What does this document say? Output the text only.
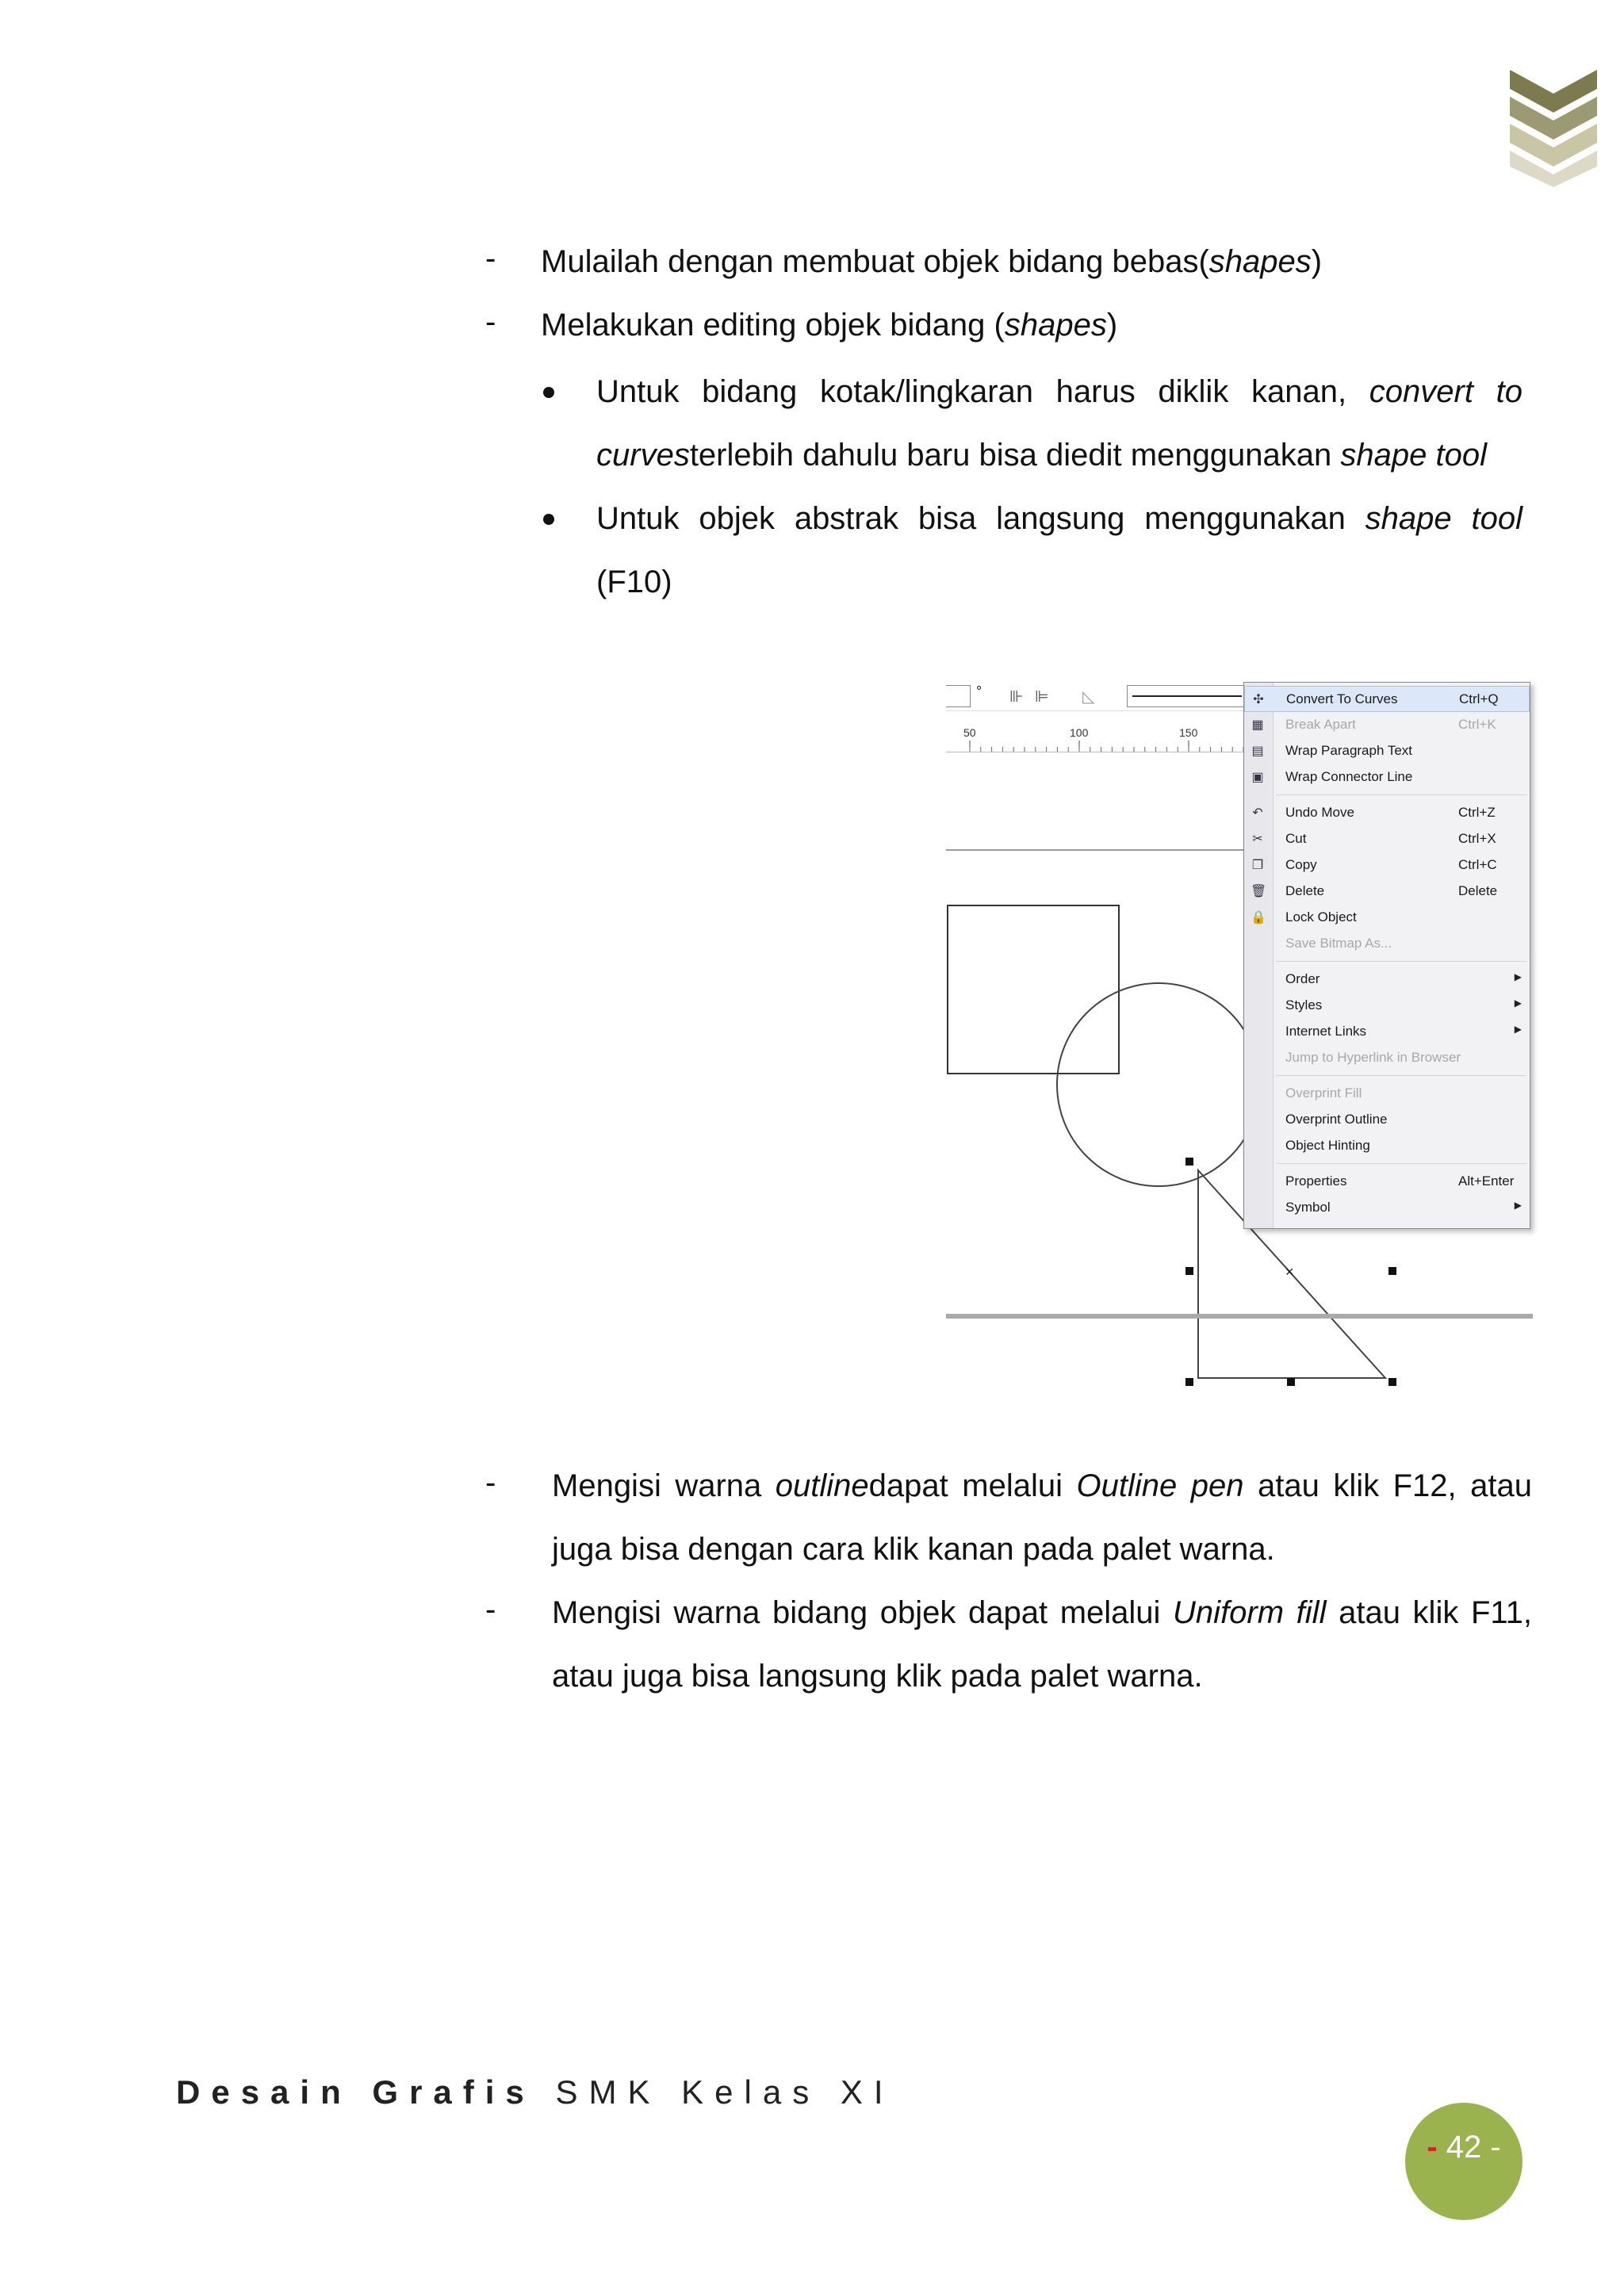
- Mulailah dengan membuat objek bidang bebas(shapes)
- Melakukan editing objek bidang (shapes)
Untuk bidang kotak/lingkaran harus diklik kanan, convert to
curvesterlebih dahulu baru bisa diedit menggunakan shape tool
Untuk objek abstrak bisa langsung menggunakan shape tool
(F10)
° ⊪ ⊫ ◺
50	100	150
×
✣ Convert To Curves	Ctrl+Q
▦ Break Apart	Ctrl+K
▤ Wrap Paragraph Text
▣ Wrap Connector Line
↶ Undo Move	Ctrl+Z
✂ Cut	Ctrl+X
❐ Copy	Ctrl+C
🗑 Delete	Delete
🔒 Lock Object
Save Bitmap As...
Order	▶
Styles	▶
Internet Links	▶
Jump to Hyperlink in Browser
Overprint Fill
Overprint Outline
Object Hinting
Properties	Alt+Enter
Symbol	▶
- Mengisi warna outlinedapat melalui Outline pen atau klik F12, atau
juga bisa dengan cara klik kanan pada palet warna.
- Mengisi warna bidang objek dapat melalui Uniform fill atau klik F11,
atau juga bisa langsung klik pada palet warna.
Desain Grafis SMK Kelas XI
- 42 -
